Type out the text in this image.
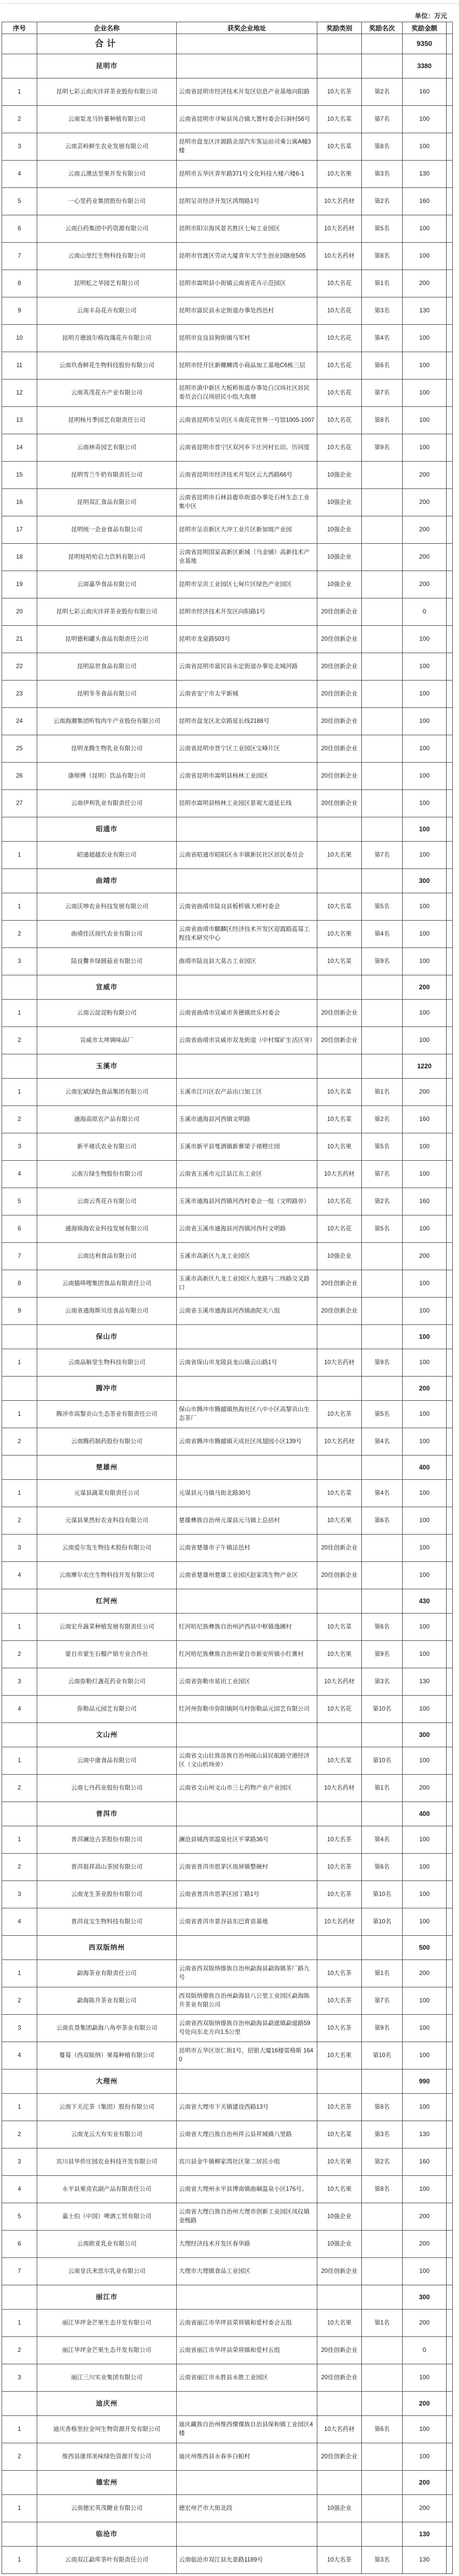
单位：万元
序号	企业名称	获奖企业地址	奖励类别	奖励名次	奖励金额	
	合计				9350	
	昆明市				3380	
1	昆明七彩云南庆沣祥茶业股份有限公司	云南省昆明市经济技术开发区信息产业基地向阳路	10大名茶	第2名	160	
2	云南泵龙马铃薯种植有限公司	云南省昆明市寻甸县凤合镇大箐村委会石洞村56号	10大名菜	第7名	100	
3	云南芸岭鲜生农业发展有限公司	昆明市盘龙区沣源路北部汽车客运站司乘公寓A幢3楼	10大名菜	第8名	100	
4	云南云澳达坚果开发有限公司	昆明市五华区青年路371号文化科技大楼六楼6-1	10大名果	第3名	130	
5	一心堂药业集团股份有限公司	昆明呈贡经济开发区鸿翔路1号	10大名药材	第2名	160	
6	云南白药集团中药资源有限公司	昆明市阳宗海风景名胜区七甸工业园区	10大名药材	第5名	100	
7	云南山里红生物科技有限公司	昆明市官渡区劳动大厦青年大学生创业园B座505	10大名药材	第8名	100	
8	昆明虹之华园艺有限公司	昆明市嵩明县小街镇云南省花卉示范园区	10大名花	第1名	200	
9	云南丰岛花卉有限公司	昆明市富民县永定街道办事处西邑村	10大名花	第3名	130	
10	昆明方德波尔格玫瑰花卉有限公司	昆明市宜良县狗街镇马军村	10大名花	第4名	100	
11	云南玖香鲜花生物科技股份有限公司	昆明市经开区新螺蛳湾小商品加工基地C6栋三层	10大名花	第6名	100	
12	云南英茂花卉产业有限公司	昆明市滇中新区大板桥街道办事处白汉场社区居民委员会白汉场居民小组大鱼塘	10大名花	第7名	100	
13	昆明杨月季园艺有限责任公司	云南省昆明市呈贡区斗南花花世界一号馆1005-1007	10大名花	第8名	100	
14	云南林奇园艺有限公司	云南省昆明市晋宁区双河乡下庄河村长田、历同度	10大名花	第9名	100	
15	昆明雪兰牛奶有限责任公司	云南省昆明市经济技术开发区云大西路66号	10强企业		200	
16	昆明双汇食品有限公司	云南省昆明市石林县鹿阜街道办事处石林生态工业集中区	10强企业		200	
17	昆明统一企业食品有限公司	昆明市呈贡新区大冲工业片区新加坡产业园	10强企业		200	
18	昆明娃哈哈启力饮料有限公司	云南省昆明国家高新区新城（马金铺）高新技术产业基地	10强企业		200	
19	云南嘉华食品有限公司	昆明市呈贡工业园区七甸片区绿色产业园区	10强企业		200	
20	昆明七彩云南庆沣祥茶业股份有限公司	昆明市经济技术开发区向阳路1号	20佳创新企业		0	
21	昆明德和罐头食品有限责任公司	昆明市龙泉路503号	20佳创新企业		100	
22	昆明品世食品有限公司	云南省昆明市富民县永定街道办事处北城河路	20佳创新企业		100	
23	昆明冬冬食品有限公司	云南省安宁市太平新城	20佳创新企业		100	
24	云南海潮集团听牧肉牛产业股份有限公司	昆明市盘龙区北京路延长线2188号	20佳创新企业		100	
25	昆明龙腾生物乳业有限公司	云南省昆明市晋宁区工业园区宝峰片区	20佳创新企业		100	
26	康师傅（昆明）饮品有限公司	云南省昆明市嵩明县杨林工业园区	20佳创新企业		100	
27	云南伊利乳业有限责任公司	昆明市嵩明县杨林工业园区景观大道延长线	20佳创新企业		100	
	昭通市				100	
1	昭通超越农业有限公司	云南省昭通市昭阳区永丰镇新民社区居民委员会	10大名果	第7名	100	
	曲靖市				300	
1	云南沃坤农业科技发展有限公司	云南省曲靖市陆良县板桥镇大桥村委会	10大名菜	第5名	100	
2	曲靖佳沃现代农业有限公司	云南省曲靖市麒麟区经济技术开发区迎霞路蓝莓工程技术研究中心	10大名果	第4名	100	
3	陆良爨乡绿圆菇业有限公司	曲靖市陆良县大莫古工业园区	10大名菜	第9名	100	
	宣威市				200	
1	云南云淀淀粉有限公司	云南省曲靖市宣威市务德镇庶乐村委会	20佳创新企业		100	
2	宣威市太坤调味品厂	云南省曲靖市宣威市双龙街道（中村煤矿生活区旁）	20佳创新企业		100	
	玉溪市				1220	
1	云南宏斌绿色食品集团有限公司	玉溪市江川区农产品出口加工区	10大名菜	第1名	200	
2	通海高原农产品有限公司	玉溪市通海县河西镇文明路	10大名菜	第2名	160	
3	新平褚氏农业有限公司	玉溪市新平县戛洒镇新寨梁子褚橙庄园	10大名果	第5名	100	
4	云南万绿生物股份有限公司	云南省玉溪市元江县江东工业区	10大名药材	第7名	100	
5	云南云秀花卉有限公司	玉溪市通海县河西镇河西村委会一组（文明路旁）	10大名花	第2名	160	
6	通海锦海农业科技发展有限公司	云南省玉溪市通海县河西镇河西村文明路	10大名花	第5名	100	
7	云南达利食品有限公司	玉溪市高新区九龙工业园区	10强企业		200	
8	云南猫哆哩集团食品有限责任公司	玉溪市高新区九龙工业园区九龙路与二纬路交叉路口	20佳创新企业		100	
9	云南省通海斯贝佳食品有限公司	云南省玉溪市通海县河西镇曲陀关八组	20佳创新企业		100	
	保山市				100	
1	云南品斛堂生物科技有限公司	云南省保山市龙陵县龙山镇云山路1号	10大名药材	第9名	100	
	腾冲市				200	
1	腾冲市高黎贡山生态茶业有限责任公司	保山市腾冲市腾越镇热海社区八中小区高黎贡山生态茶厂	10大名茶	第5名	100	
2	云南腾药制药股份有限公司	云南省腾冲市腾越镇天成社区凤翅园小区139号	10大名药材	第4名	100	
	楚雄州				400	
1	元谋县蔬菜有限责任公司	元谋县元马镇马街北路30号	10大名菜	第4名	100	
2	元谋县果然好农业科技有限公司	楚雄彝族自治州元谋县元马镇上总括村	10大名果	第6名	100	
3	云南爱尔发生物技术股份有限公司	云南省楚雄市子午镇法邑村	20佳创新企业		100	
4	云南摩尔农庄生物科技开发有限公司	云南省楚雄州楚雄工业园区赵家湾生物产业区	20佳创新企业		100	
	红河州				430	
1	云南宏升蔬菜种植发展有限责任公司	红河哈尼族彝族自治州泸西县中枢镇逸圃村	10大名菜	第6名	100	
2	蒙自市蒙生石榴产销专业合作社	红河哈尼族彝族自治州蒙自市新安所镇小红寨村	10大名果	第9名	100	
3	云南弥勒灯盏花药业有限公司	云南省弥勒市星田工业园区	10大名药材	第3名	130	
4	弥勒品元园艺有限公司	红河州弥勒市弥阳镇阿乌村弥勒品元园艺有限公司	10大名花	第10名	100	
	文山州				300	
1	云南中康食品有限公司	云南省文山壮族苗族自治州砚山县民航路空港经济区（文山机场旁）	10大名菜	第10名	100	
2	云南七丹药业股份有限公司	云南省文山州文山市三七药物产业产业园区	10大名药材	第1名	200	
	普洱市				400	
1	普洱澜沧古茶股份有限公司	澜沧县城西郊温泉社区平掌路36号	10大名茶	第4名	100	
2	普洱祖祥高山茶园有限公司	云南省普洱市思茅区南屏镇整碗村	10大名茶	第6名	100	
3	云南龙生茶业股份有限公司	云南省普洱市思茅区园丁路1号	10大名茶	第10名	100	
4	普洱良宝生物科技有限公司	云南省普洱市景谷县东巴育苗基地	10大名药材	第10名	100	
	西双版纳州				500	
1	勐海茶业有限责任公司	云南省西双版纳傣族自治州勐海县勐海镇茶厂路九号	10大名茶	第1名	200	
2	勐海陈升茶业有限公司	西双版纳傣族自治州勐海县八公里工业园区勐海陈升茶业有限公司	10大名茶	第7名	100	
3	云南农垦集团勐海八角亭茶业有限公司	云南省西双版纳傣族自治州勐海县勐遮镇勐遮路59号处向东北方向1.5公里	10大名茶	第9名	100	
4	蔓莓（西双版纳）果莓种植有限公司	昆明市五华区崇仁街1号，招银大厦16楼雷格斯 1640	10大名果	第10名	100	
	大理州				990	
1	云南下关沱茶（集团）股份有限公司	云南省大理市下关镇建设西路13号	10大名茶	第8名	100	
2	云南龙云大有实业有限公司	云南省大理白族自治州祥云县祥城镇八里路	10大名菜	第3名	130	
3	宾川县华侨庄园农业科技开发有限公司	宾川县金牛镇柳家湾社区第二居民小组	10大名果	第2名	160	
4	永平县果亮农副产品有限责任公司	云南省大理州永平县博南镇曲硐温泉小区176号。	10大名果	第8名	100	
5	嘉士伯（中国）啤酒工贸有限公司	云南省大理白族自治州大理市创新工业园区凤仪镇金梭路	10强企业		200	
6	云南欧亚乳业有限公司	大理经济技术开发区春华路	10强企业		200	
7	云南皇氏来思尔乳业有限公司	大理市大理镇食品工业园区	20佳创新企业		100	
	丽江市				300	
1	丽江华坪金芒果生态开发有限公司	云南省丽江市华坪县荣将镇和爱村委会五组	10大名果	第1名	200	
2	丽江华坪金芒果生态开发有限公司	云南省丽江市华坪县荣将镇和爱村五组	20佳创新企业		0	
3	丽江三川实业集团有限公司	云南省丽江市永胜县永胜工业园区	20佳创新企业		100	
	迪庆州				200	
1	迪庆香格里拉金坷生物资源开发有限公司	迪庆藏族自治州维西傈僳族自治县保和镇工业园区4楼	10大名药材	第6名	100	
2	维西县康邦美味绿色资源开发公司	迪庆州维西县永春乡白帕村	20佳创新企业		100	
	德宏州				200	
1	云南德宏英茂糖业有限公司	德宏州芒市大街北段	10强企业		200	
	临沧市				130	
1	云南双江勐库茶叶有限责任公司	云南临沧市双江县允景路1189号	10大名茶	第3名	130	
